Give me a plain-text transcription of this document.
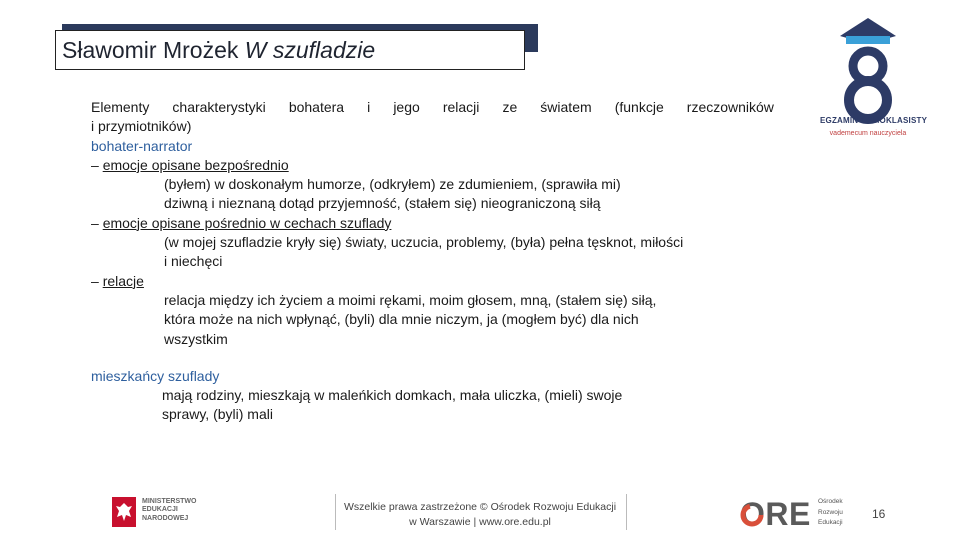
Sławomir Mrożek W szufladzie
EGZAMIN ÓSMOKLASISTY
vademecum nauczyciela
Elementy charakterystyki bohatera i jego relacji ze światem (funkcje rzeczowników
i przymiotników)
bohater-narrator
– emocje opisane bezpośrednio
(byłem) w doskonałym humorze, (odkryłem) ze zdumieniem, (sprawiła mi)
dziwną i nieznaną dotąd przyjemność, (stałem się) nieograniczoną siłą
– emocje opisane pośrednio w cechach szuflady
(w mojej szufladzie kryły się) światy, uczucia, problemy, (była) pełna tęsknot, miłości
i niechęci
– relacje
relacja między ich życiem a moimi rękami, moim głosem, mną, (stałem się) siłą,
która może na nich wpłynąć, (byli) dla mnie niczym, ja (mogłem być) dla nich
wszystkim
mieszkańcy szuflady
mają rodziny, mieszkają w maleńkich domkach, mała uliczka, (mieli) swoje
sprawy, (byli) mali
MINISTERSTWO
EDUKACJI
NARODOWEJ
Wszelkie prawa zastrzeżone © Ośrodek Rozwoju Edukacji
w Warszawie | www.ore.edu.pl	ORE Ośrodek
Rozwoju
Edukacji
16
